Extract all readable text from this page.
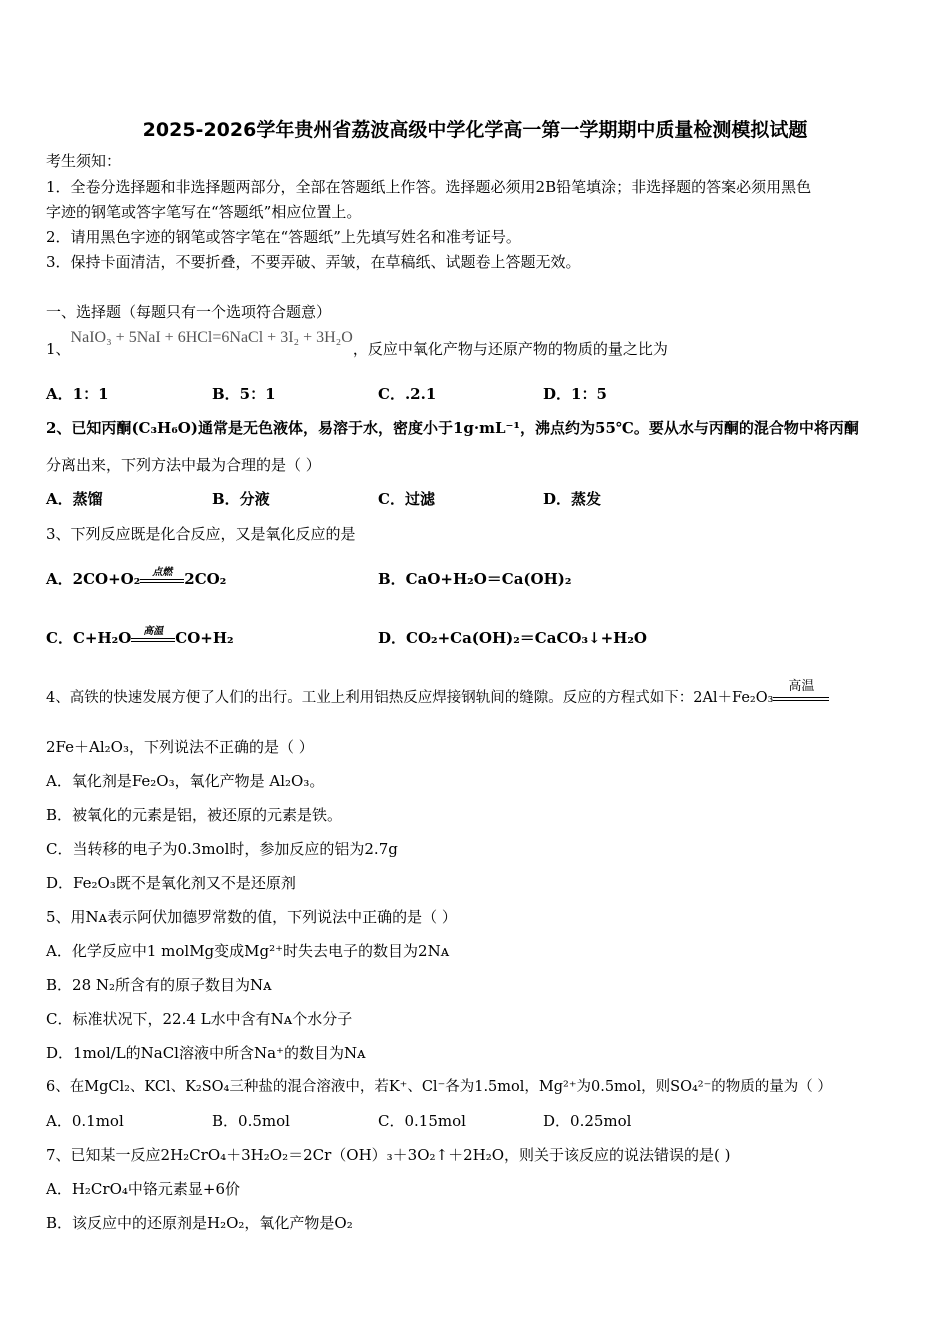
2025-2026学年贵州省荔波高级中学化学高一第一学期期中质量检测模拟试题
考生须知：
1．全卷分选择题和非选择题两部分，全部在答题纸上作答。选择题必须用2B铅笔填涂；非选择题的答案必须用黑色
字迹的钢笔或答字笔写在“答题纸”相应位置上。
2．请用黑色字迹的钢笔或答字笔在“答题纸”上先填写姓名和准考证号。
3．保持卡面清洁，不要折叠，不要弄破、弄皱，在草稿纸、试题卷上答题无效。
一、选择题（每题只有一个选项符合题意）
1、NaIO₃ + 5NaI + 6HCl=6NaCl + 3I₂ + 3H₂O，反应中氧化产物与还原产物的物质的量之比为
A．1：1	B．5：1	C．.2.1	D．1：5
2、已知丙酮(C₃H₆O)通常是无色液体，易溶于水，密度小于1g·mL⁻¹，沸点约为55℃。要从水与丙酮的混合物中将丙酮
分离出来，下列方法中最为合理的是（ ）
A．蒸馏	B．分液	C．过滤	D．蒸发
3、下列反应既是化合反应，又是氧化反应的是
A．2CO+O₂	点燃 2CO₂	B．CaO+H₂O＝Ca(OH)₂
C．C+H₂O	高温 CO+H₂	D．CO₂+Ca(OH)₂＝CaCO₃↓+H₂O
4、高铁的快速发展方便了人们的出行。工业上利用铝热反应焊接钢轨间的缝隙。反应的方程式如下：2Al＋Fe₂O₃
高温
2Fe＋Al₂O₃，下列说法不正确的是（ ）
A．氧化剂是Fe₂O₃，氧化产物是 Al₂O₃。
B．被氧化的元素是铝，被还原的元素是铁。
C．当转移的电子为0.3mol时，参加反应的铝为2.7g
D．Fe₂O₃既不是氧化剂又不是还原剂
5、用Nᴀ表示阿伏加德罗常数的值，下列说法中正确的是（ ）
A．化学反应中1 molMg变成Mg²⁺时失去电子的数目为2Nᴀ
B．28 N₂所含有的原子数目为Nᴀ
C．标准状况下，22.4 L水中含有Nᴀ个水分子
D．1mol/L的NaCl溶液中所含Na⁺的数目为Nᴀ
6、在MgCl₂、KCl、K₂SO₄三种盐的混合溶液中，若K⁺、Cl⁻各为1.5mol，Mg²⁺为0.5mol，则SO₄²⁻的物质的量为（ ）
A．0.1mol	B．0.5mol	C．0.15mol	D．0.25mol
7、已知某一反应2H₂CrO₄＋3H₂O₂＝2Cr（OH）₃＋3O₂↑＋2H₂O，则关于该反应的说法错误的是( )
A．H₂CrO₄中铬元素显+6价
B．该反应中的还原剂是H₂O₂，氧化产物是O₂
